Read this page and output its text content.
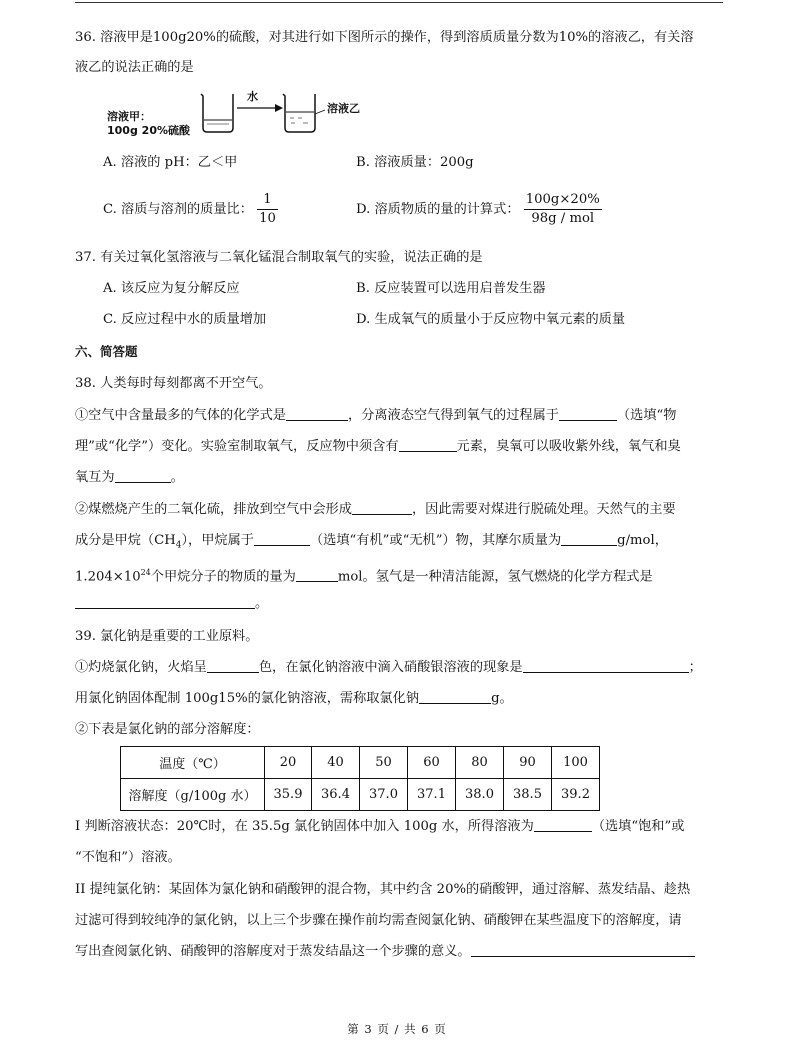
36. 溶液甲是100g20%的硫酸，对其进行如下图所示的操作，得到溶质质量分数为10%的溶液乙，有关溶
液乙的说法正确的是
溶液甲：
100g 20%硫酸
水
溶液乙
A. 溶液的 pH：乙＜甲	B. 溶液质量：200g
C. 溶质与溶剂的质量比： $\frac{1}{10}$	D. 溶质物质的量的计算式： $\frac{100g\times 20\%}{\text{98g / mol}}$
37. 有关过氧化氢溶液与二氧化锰混合制取氧气的实验，说法正确的是
A. 该反应为复分解反应	B. 反应装置可以选用启普发生器
C. 反应过程中水的质量增加	D. 生成氧气的质量小于反应物中氧元素的质量
六、简答题
38. 人类每时每刻都离不开空气。
①空气中含量最多的气体的化学式是	，分离液态空气得到氧气的过程属于	（选填“物
理”或“化学”）变化。实验室制取氧气，反应物中须含有	元素，臭氧可以吸收紫外线，氧气和臭
氧互为	。
②煤燃烧产生的二氧化硫，排放到空气中会形成	，因此需要对煤进行脱硫处理。天然气的主要
成分是甲烷$(CH_4)$，甲烷属于	（选填“有机”或“无机”）物，其摩尔质量为	g/mol，
$1.204\times 10^{24}$个甲烷分子的物质的量为	mol。氢气是一种清洁能源，氢气燃烧的化学方程式是
。
39. 氯化钠是重要的工业原料。
①灼烧氯化钠，火焰呈	色，在氯化钠溶液中滴入硝酸银溶液的现象是	；
用氯化钠固体配制 100g15%的氯化钠溶液，需称取氯化钠	g。
②下表是氯化钠的部分溶解度：
温度（℃）	20	40	50	60	80	90	100
溶解度（g/100g 水）	35.9	36.4	37.0	37.1	38.0	38.5	39.2
I 判断溶液状态：20℃时，在 35.5g 氯化钠固体中加入 100g 水，所得溶液为	（选填“饱和”或
“不饱和”）溶液。
II 提纯氯化钠：某固体为氯化钠和硝酸钾的混合物，其中约含 20%的硝酸钾，通过溶解、蒸发结晶、趁热
过滤可得到较纯净的氯化钠，以上三个步骤在操作前均需查阅氯化钠、硝酸钾在某些温度下的溶解度，请
写出查阅氯化钠、硝酸钾的溶解度对于蒸发结晶这一个步骤的意义。
第 3 页 / 共 6 页
